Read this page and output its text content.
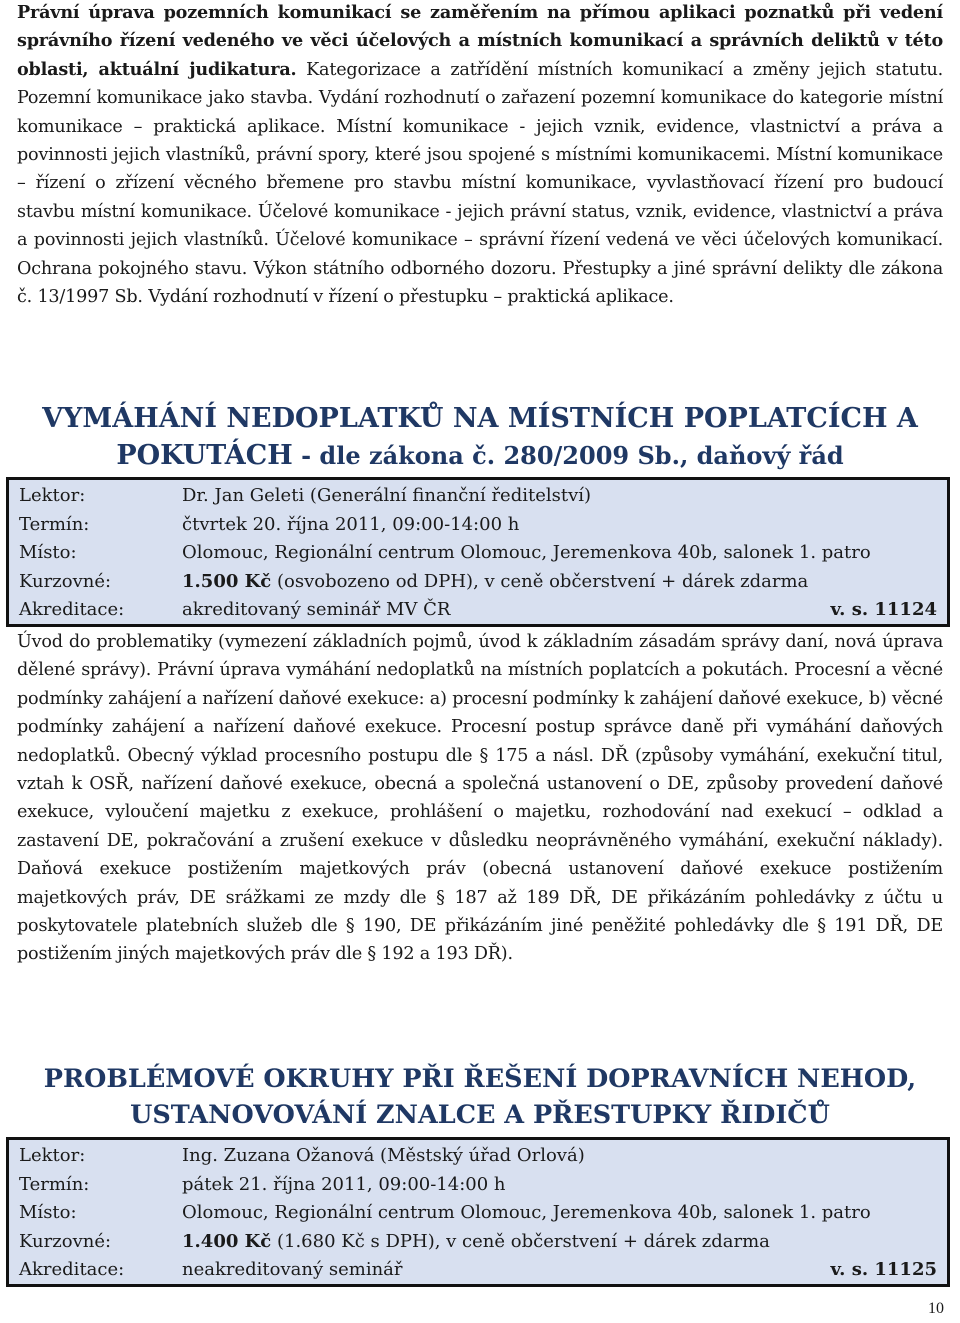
Právní úprava pozemních komunikací se zaměřením na přímou aplikaci poznatků při vedení správního řízení vedeného ve věci účelových a místních komunikací a správních deliktů v této oblasti, aktuální judikatura. Kategorizace a zatřídění místních komunikací a změny jejich statutu. Pozemní komunikace jako stavba. Vydání rozhodnutí o zařazení pozemní komunikace do kategorie místní komunikace – praktická aplikace. Místní komunikace - jejich vznik, evidence, vlastnictví a práva a povinnosti jejich vlastníků, právní spory, které jsou spojené s místními komunikacemi. Místní komunikace – řízení o zřízení věcného břemene pro stavbu místní komunikace, vyvlastňovací řízení pro budoucí stavbu místní komunikace. Účelové komunikace - jejich právní status, vznik, evidence, vlastnictví a práva a povinnosti jejich vlastníků. Účelové komunikace – správní řízení vedená ve věci účelových komunikací. Ochrana pokojného stavu. Výkon státního odborného dozoru. Přestupky a jiné správní delikty dle zákona č. 13/1997 Sb. Vydání rozhodnutí v řízení o přestupku – praktická aplikace.

VYMÁHÁNÍ NEDOPLATKŮ NA MÍSTNÍCH POPLATCÍCH A
POKUTÁCH - dle zákona č. 280/2009 Sb., daňový řád
Lektor:	Dr. Jan Geleti (Generální finanční ředitelství)
Termín:	čtvrtek 20. října 2011, 09:00-14:00 h
Místo:	Olomouc, Regionální centrum Olomouc, Jeremenkova 40b, salonek 1. patro
Kurzovné:	1.500 Kč (osvobozeno od DPH), v ceně občerstvení + dárek zdarma
Akreditace:	akreditovaný seminář MV ČR	v. s. 11124

Úvod do problematiky (vymezení základních pojmů, úvod k základním zásadám správy daní, nová úprava dělené správy). Právní úprava vymáhání nedoplatků na místních poplatcích a pokutách. Procesní a věcné podmínky zahájení a nařízení daňové exekuce: a) procesní podmínky k zahájení daňové exekuce, b) věcné podmínky zahájení a nařízení daňové exekuce. Procesní postup správce daně při vymáhání daňových nedoplatků. Obecný výklad procesního postupu dle § 175 a násl. DŘ (způsoby vymáhání, exekuční titul, vztah k OSŘ, nařízení daňové exekuce, obecná a společná ustanovení o DE, způsoby provedení daňové exekuce, vyloučení majetku z exekuce, prohlášení o majetku, rozhodování nad exekucí – odklad a zastavení DE, pokračování a zrušení exekuce v důsledku neoprávněného vymáhání, exekuční náklady). Daňová exekuce postižením majetkových práv (obecná ustanovení daňové exekuce postižením majetkových práv, DE srážkami ze mzdy dle § 187 až 189 DŘ, DE přikázáním pohledávky z účtu u poskytovatele platebních služeb dle § 190, DE přikázáním jiné peněžité pohledávky dle § 191 DŘ, DE postižením jiných majetkových práv dle § 192 a 193 DŘ).

PROBLÉMOVÉ OKRUHY PŘI ŘEŠENÍ DOPRAVNÍCH NEHOD,
USTANOVOVÁNÍ ZNALCE A PŘESTUPKY ŘIDIČŮ
Lektor:	Ing. Zuzana Ožanová (Městský úřad Orlová)
Termín:	pátek 21. října 2011, 09:00-14:00 h
Místo:	Olomouc, Regionální centrum Olomouc, Jeremenkova 40b, salonek 1. patro
Kurzovné:	1.400 Kč (1.680 Kč s DPH), v ceně občerstvení + dárek zdarma
Akreditace:	neakreditovaný seminář	v. s. 11125
10
